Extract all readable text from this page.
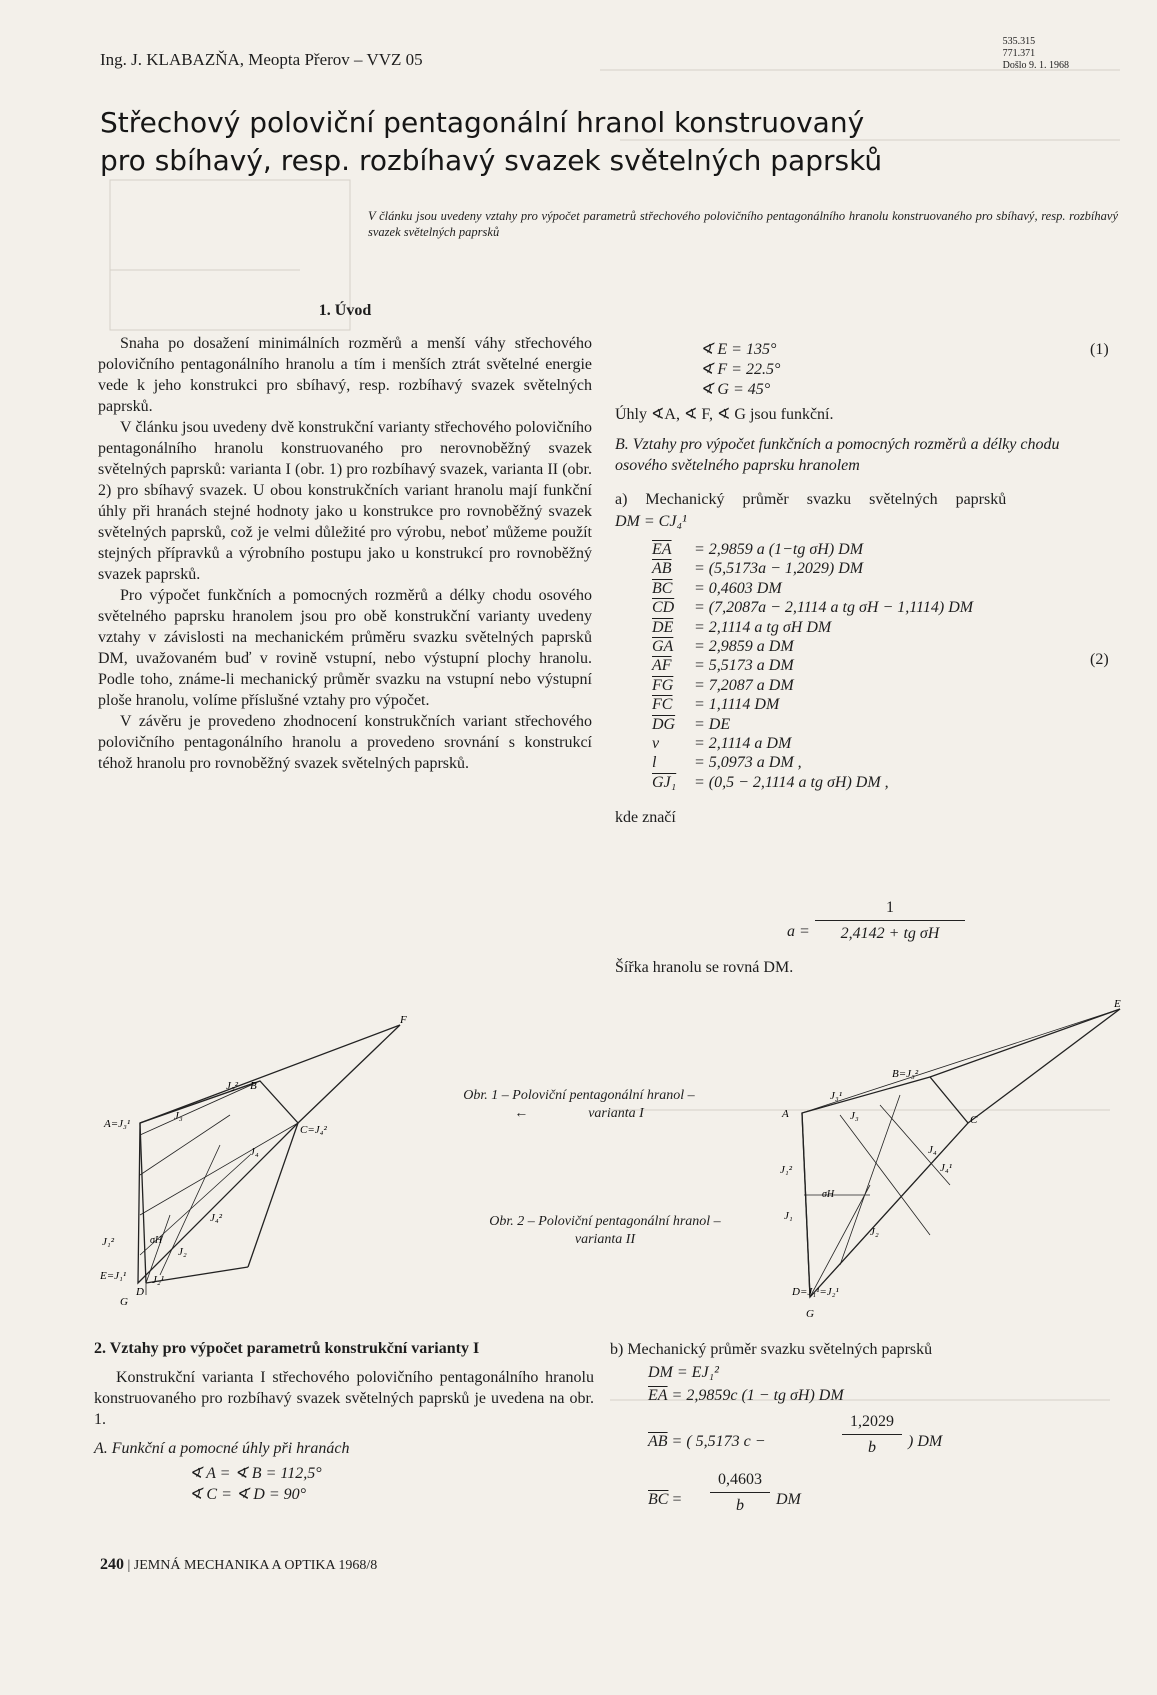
Ing. J. KLABAZŇA, Meopta Přerov – VVZ 05
535.315
771.371
Došlo 9. 1. 1968
Střechový poloviční pentagonální hranol konstruovaný
pro sbíhavý, resp. rozbíhavý svazek světelných paprsků
V článku jsou uvedeny vztahy pro výpočet parametrů střechového polovičního pentagonálního hranolu konstruovaného pro sbíhavý, resp. rozbíhavý svazek světelných paprsků
1. Úvod

Snaha po dosažení minimálních rozměrů a menší váhy střechového polovičního pentagonálního hranolu a tím i menších ztrát světelné energie vede k jeho konstrukci pro sbíhavý, resp. rozbíhavý svazek světelných paprsků.

V článku jsou uvedeny dvě konstrukční varianty střechového polovičního pentagonálního hranolu konstruovaného pro nerovnoběžný svazek světelných paprsků: varianta I (obr. 1) pro rozbíhavý svazek, varianta II (obr. 2) pro sbíhavý svazek. U obou konstrukčních variant hranolu mají funkční úhly při hranách stejné hodnoty jako u konstrukce pro rovnoběžný svazek světelných paprsků, což je velmi důležité pro výrobu, neboť můžeme použít stejných přípravků a výrobního postupu jako u konstrukcí pro rovnoběžný svazek paprsků.

Pro výpočet funkčních a pomocných rozměrů a délky chodu osového světelného paprsku hranolem jsou pro obě konstrukční varianty uvedeny vztahy v závislosti na mechanickém průměru svazku světelných paprsků DM, uvažovaném buď v rovině vstupní, nebo výstupní plochy hranolu. Podle toho, známe-li mechanický průměr svazku na vstupní nebo výstupní ploše hranolu, volíme příslušné vztahy pro výpočet.

V závěru je provedeno zhodnocení konstrukčních variant střechového polovičního pentagonálního hranolu a provedeno srovnání s konstrukcí téhož hranolu pro rovnoběžný svazek světelných paprsků.

∢ E = 135°
∢ F = 22.5°
∢ G = 45°
(1)
Úhly ∢A, ∢ F, ∢ G jsou funkční.
B. Vztahy pro výpočet funkčních a pomocných rozměrů a délky chodu osového světelného paprsku hranolem
a) Mechanický průměr svazku světelných paprsků
DM = CJ₄¹
$\overline{EA} = 2,9859$ a (1−tg σH) DM
$\overline{AB} = (5,5173a - 1,2029)$ DM
$\overline{BC} = 0,4603$ DM
$\overline{CD} = (7,2087a - 2,1114$ a tg σH − 1,1114) DM
$\overline{DE} = 2,1114$ a tg σH DM
$\overline{GA} = 2,9859$ a DM
$\overline{AF} = 5,5173$ a DM
$\overline{FG} = 7,2087$ a DM
$\overline{FC} = 1,1114$ DM
$\overline{DG}$ = DE
v = 2,1114 a DM
l = 5,0973 a DM ,
GJ₁ = (0,5 − 2,1114 a tg σH) DM ,
(2)
kde značí
a =
1
2,4142 + tg σH
Šířka hranolu se rovná DM.
F
B
J₂²
A=J₃¹
J₃
C=J₄²
J₄
J₄²
J₂
J₁²	σH
E=J₁¹
D
J₂¹
G
Obr. 1 – Poloviční pentagonální hranol –
←	varianta I
Obr. 2 – Poloviční pentagonální hranol –
varianta II
E
B=J₃²
J₃¹
A	J₃
J₁²
σH
C
J₄
J₄¹
J₁
J₂
D=J₁¹=J₂¹
G
2. Vztahy pro výpočet parametrů konstrukční varianty I

Konstrukční varianta I střechového polovičního pentagonálního hranolu konstruovaného pro rozbíhavý svazek světelných paprsků je uvedena na obr. 1.

A. Funkční a pomocné úhly při hranách
∢ A = ∢ B = 112,5°
∢ C = ∢ D = 90°
b) Mechanický průměr svazku světelných paprsků
DM = EJ₁²
$\overline{EA} = 2,9859c$ (1 − tg σH) DM
$\overline{AB}$ = ( 5,5173 c −
1,2029
b	) DM
$\overline{BC}$ =
0,4603
b	DM
240 | JEMNÁ MECHANIKA A OPTIKA 1968/8
